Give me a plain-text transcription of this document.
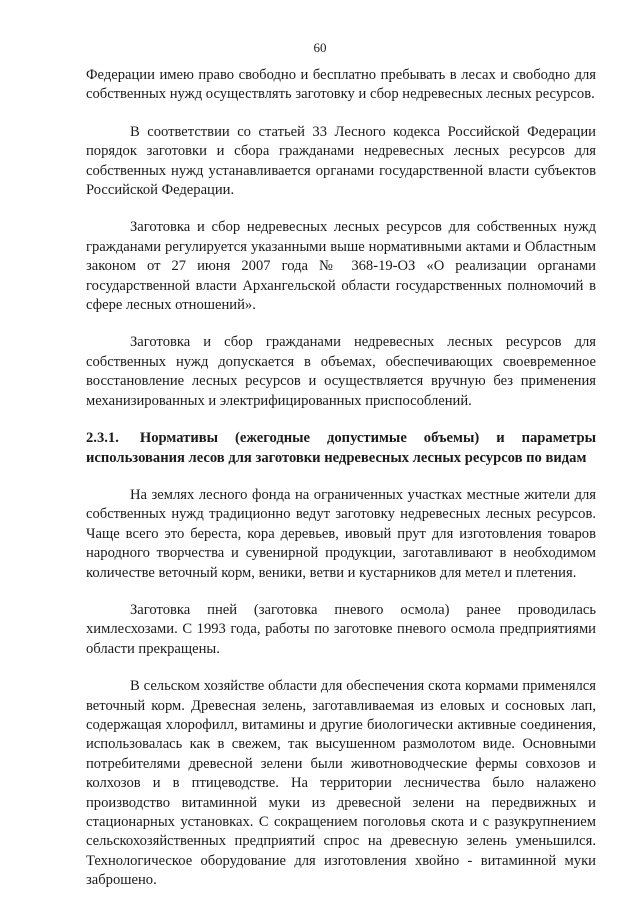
60

Федерации имею право свободно и бесплатно пребывать в лесах и свободно для собственных нужд осуществлять заготовку и сбор недревесных лесных ресурсов.

В соответствии со статьей 33 Лесного кодекса Российской Федерации порядок заготовки и сбора гражданами недревесных лесных ресурсов для собственных нужд устанавливается органами государственной власти субъектов Российской Федерации.

Заготовка и сбор недревесных лесных ресурсов для собственных нужд гражданами регулируется указанными выше нормативными актами и Областным законом от 27 июня 2007 года № 368-19-ОЗ «О реализации органами государственной власти Архангельской области государственных полномочий в сфере лесных отношений».

Заготовка и сбор гражданами недревесных лесных ресурсов для собственных нужд допускается в объемах, обеспечивающих своевременное восстановление лесных ресурсов и осуществляется вручную без применения механизированных и электрифицированных приспособлений.

2.3.1. Нормативы (ежегодные допустимые объемы) и параметры использования лесов для заготовки недревесных лесных ресурсов по видам

На землях лесного фонда на ограниченных участках местные жители для собственных нужд традиционно ведут заготовку недревесных лесных ресурсов. Чаще всего это береста, кора деревьев, ивовый прут для изготовления товаров народного творчества и сувенирной продукции, заготавливают в необходимом количестве веточный корм, веники, ветви и кустарников для метел и плетения.

Заготовка пней (заготовка пневого осмола) ранее проводилась химлесхозами. С 1993 года, работы по заготовке пневого осмола предприятиями области прекращены.

В сельском хозяйстве области для обеспечения скота кормами применялся веточный корм. Древесная зелень, заготавливаемая из еловых и сосновых лап, содержащая хлорофилл, витамины и другие биологически активные соединения, использовалась как в свежем, так высушенном размолотом виде. Основными потребителями древесной зелени были животноводческие фермы совхозов и колхозов и в птицеводстве. На территории лесничества было налажено производство витаминной муки из древесной зелени на передвижных и стационарных установках. С сокращением поголовья скота и с разукрупнением сельскохозяйственных предприятий спрос на древесную зелень уменьшился. Технологическое оборудование для изготовления хвойно - витаминной муки заброшено.
